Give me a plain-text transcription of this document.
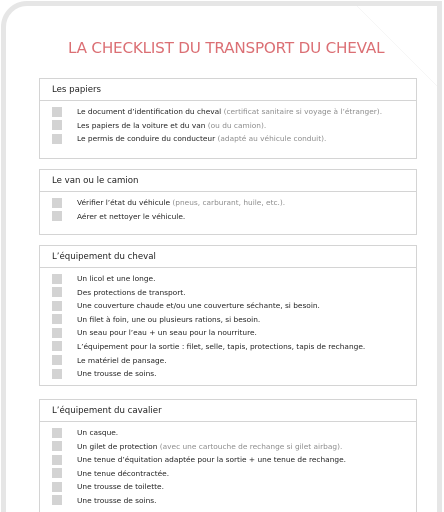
LA CHECKLIST DU TRANSPORT DU CHEVAL
Les papiers
Le document d’identification du cheval (certificat sanitaire si voyage à l’étranger).
Les papiers de la voiture et du van (ou du camion).
Le permis de conduire du conducteur (adapté au véhicule conduit).
Le van ou le camion
Vérifier l’état du véhicule (pneus, carburant, huile, etc.).
Aérer et nettoyer le véhicule.
L’équipement du cheval
Un licol et une longe.
Des protections de transport.
Une couverture chaude et/ou une couverture séchante, si besoin.
Un filet à foin, une ou plusieurs rations, si besoin.
Un seau pour l’eau + un seau pour la nourriture.
L’équipement pour la sortie : filet, selle, tapis, protections, tapis de rechange.
Le matériel de pansage.
Une trousse de soins.
L’équipement du cavalier
Un casque.
Un gilet de protection (avec une cartouche de rechange si gilet airbag).
Une tenue d’équitation adaptée pour la sortie + une tenue de rechange.
Une tenue décontractée.
Une trousse de toilette.
Une trousse de soins.
